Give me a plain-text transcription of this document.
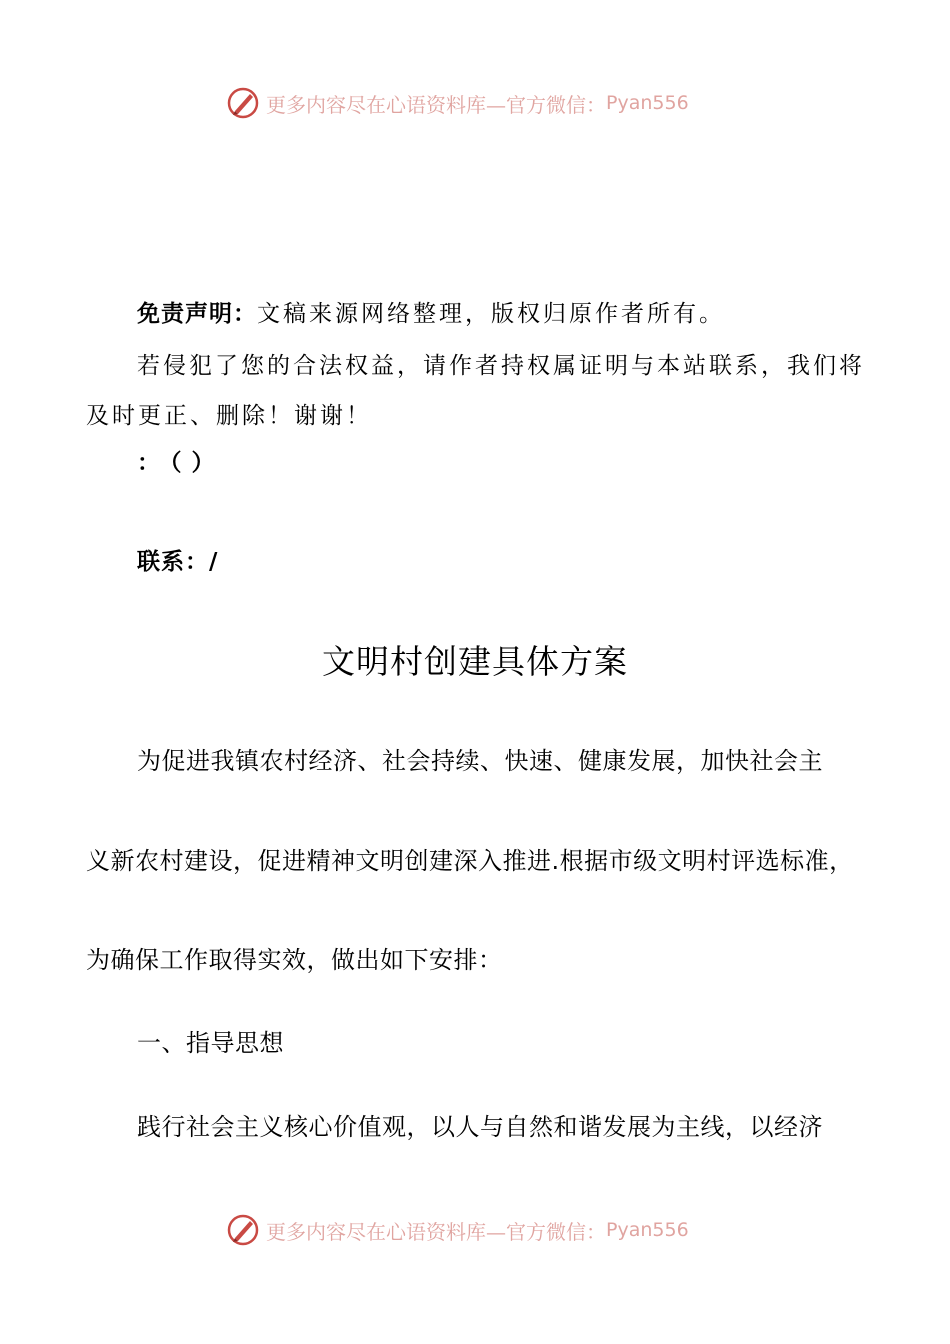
更多内容尽在心语资料库—官方微信： Pyan556
免责声明：文稿来源网络整理，版权归原作者所有。
若侵犯了您的合法权益，请作者持权属证明与本站联系，我们将
及时更正、删除！谢谢！
：（）
联系：/
文明村创建具体方案
为促进我镇农村经济、社会持续、快速、健康发展，加快社会主
义新农村建设，促进精神文明创建深入推进.根据市级文明村评选标准，
为确保工作取得实效，做出如下安排：
一、指导思想
践行社会主义核心价值观，以人与自然和谐发展为主线，以经济
更多内容尽在心语资料库—官方微信： Pyan556
